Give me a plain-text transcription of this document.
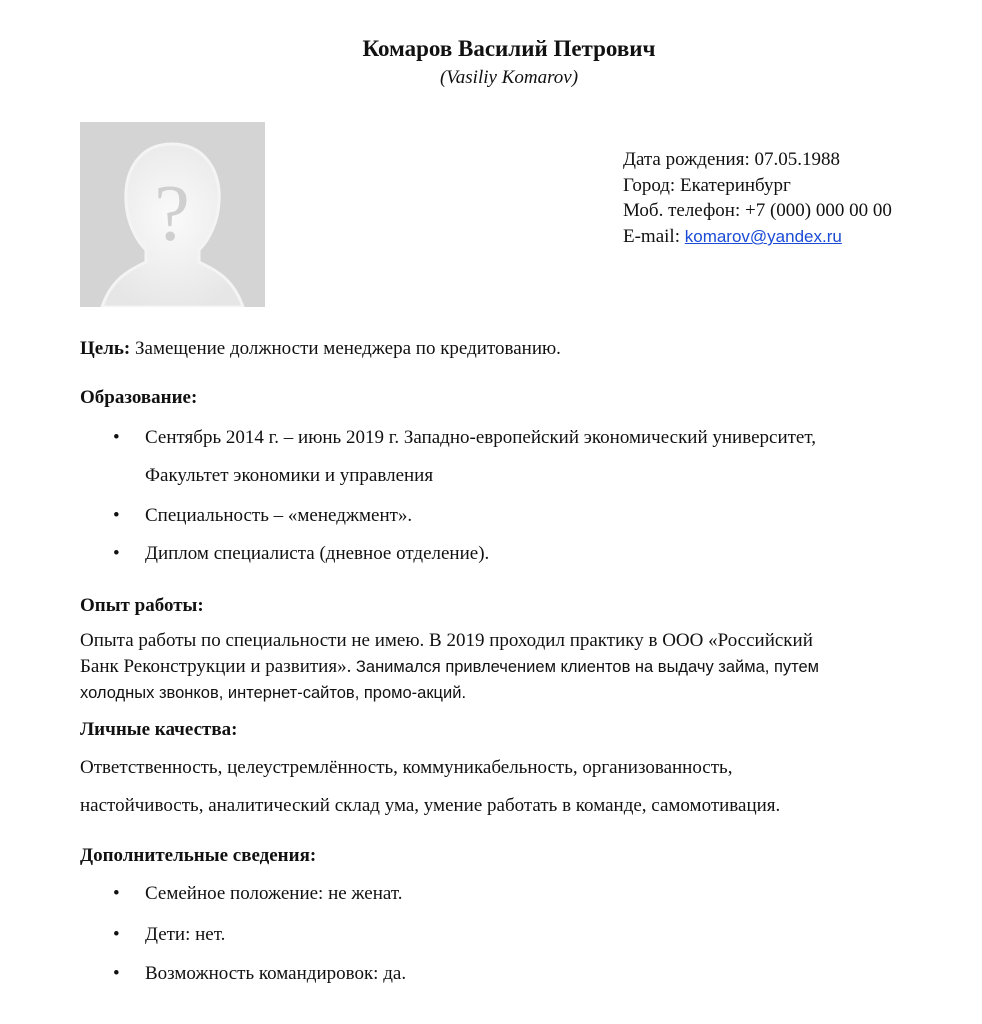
Комаров Василий Петрович
(Vasiliy Komarov)
?
Дата рождения: 07.05.1988
Город: Екатеринбург
Моб. телефон: +7 (000) 000 00 00
E-mail: komarov@yandex.ru
Цель: Замещение должности менеджера по кредитованию.
Образование:
• Сентябрь 2014 г. – июнь 2019 г. Западно-европейский экономический университет,
Факультет экономики и управления
• Специальность – «менеджмент».
• Диплом специалиста (дневное отделение).
Опыт работы:
Опыта работы по специальности не имею. В 2019 проходил практику в ООО «Российский
Банк Реконструкции и развития». Занимался привлечением клиентов на выдачу займа, путем
холодных звонков, интернет-сайтов, промо-акций.
Личные качества:
Ответственность, целеустремлённость, коммуникабельность, организованность,
настойчивость, аналитический склад ума, умение работать в команде, самомотивация.
Дополнительные сведения:
• Семейное положение: не женат.
• Дети: нет.
• Возможность командировок: да.
